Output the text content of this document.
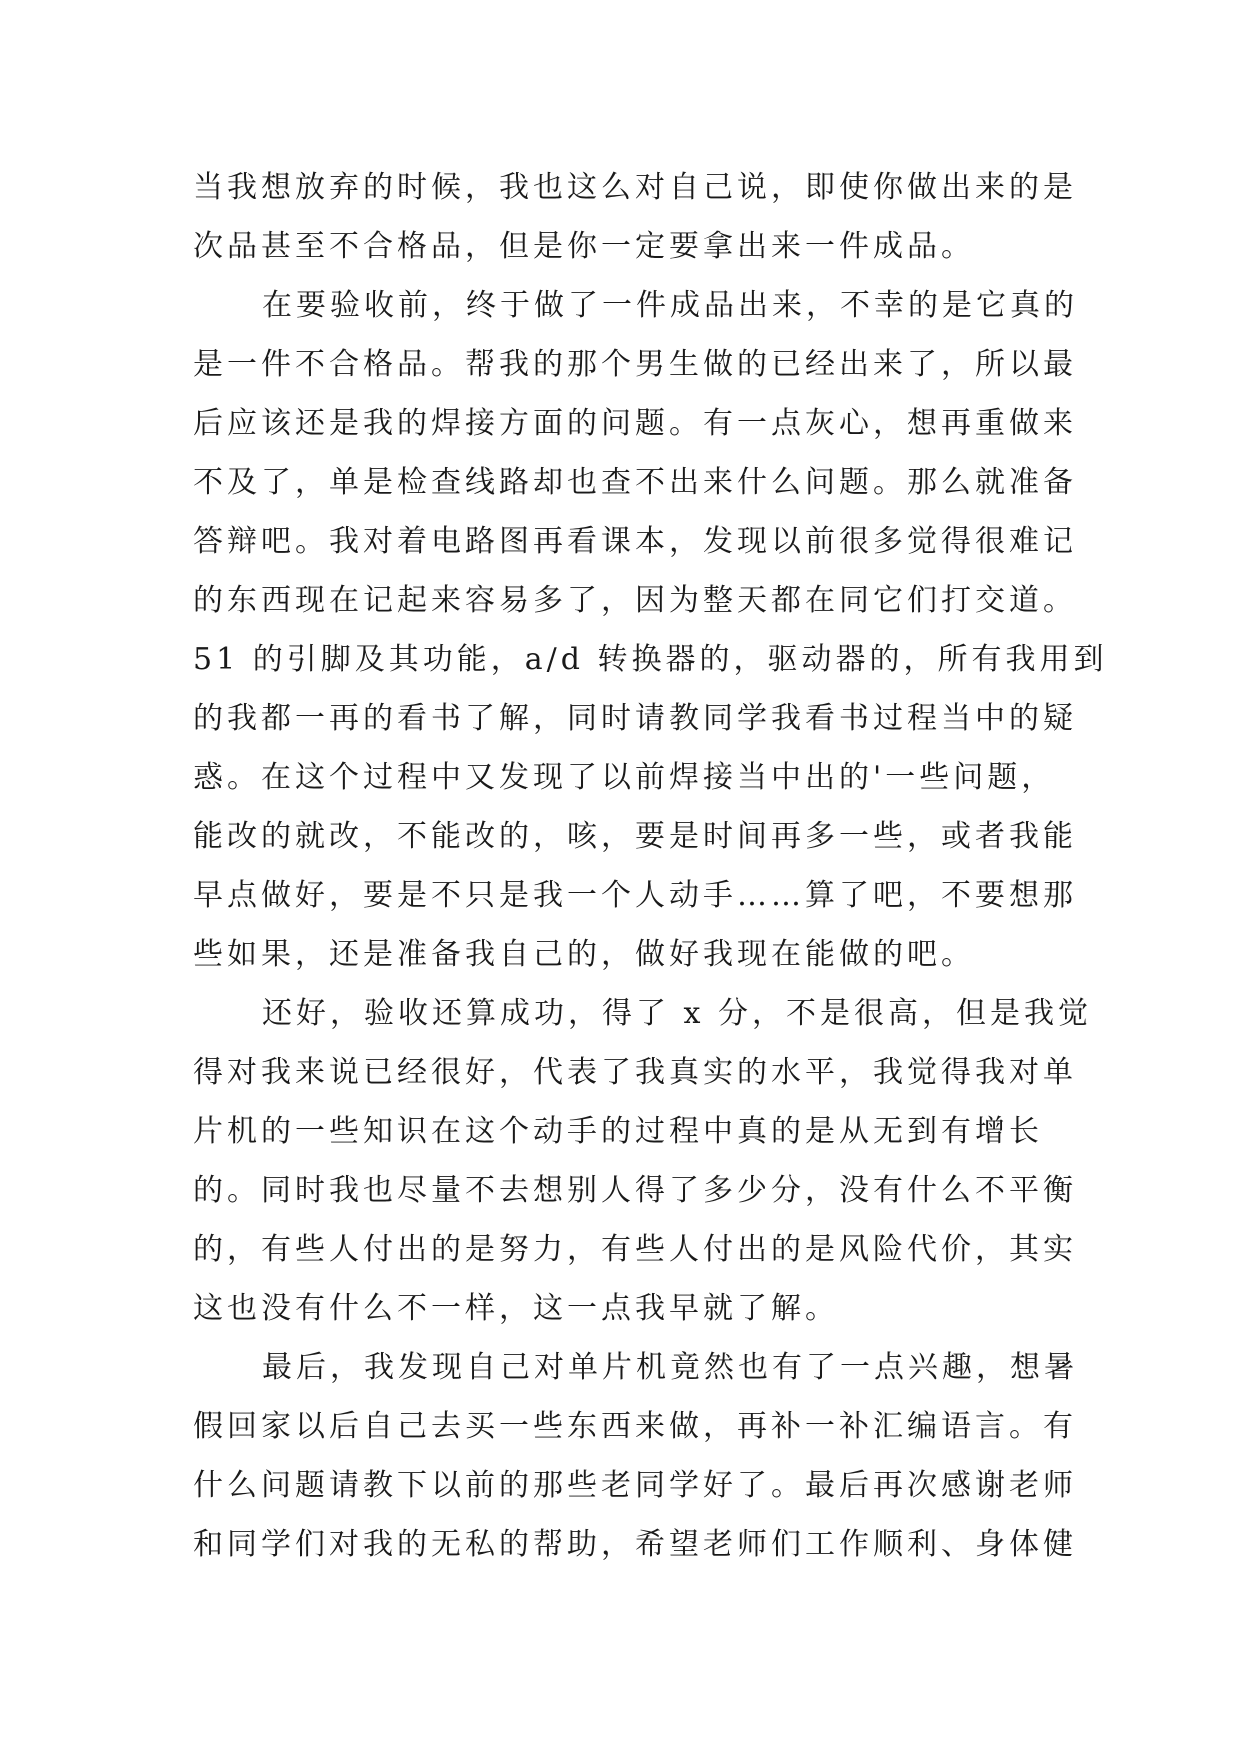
当我想放弃的时候，我也这么对自己说，即使你做出来的是
次品甚至不合格品，但是你一定要拿出来一件成品。
在要验收前，终于做了一件成品出来，不幸的是它真的
是一件不合格品。帮我的那个男生做的已经出来了，所以最
后应该还是我的焊接方面的问题。有一点灰心，想再重做来
不及了，单是检查线路却也查不出来什么问题。那么就准备
答辩吧。我对着电路图再看课本，发现以前很多觉得很难记
的东西现在记起来容易多了，因为整天都在同它们打交道。
51 的引脚及其功能，a/d 转换器的，驱动器的，所有我用到
的我都一再的看书了解，同时请教同学我看书过程当中的疑
惑。在这个过程中又发现了以前焊接当中出的'一些问题，
能改的就改，不能改的，咳，要是时间再多一些，或者我能
早点做好，要是不只是我一个人动手……算了吧，不要想那
些如果，还是准备我自己的，做好我现在能做的吧。
还好，验收还算成功，得了 x 分，不是很高，但是我觉
得对我来说已经很好，代表了我真实的水平，我觉得我对单
片机的一些知识在这个动手的过程中真的是从无到有增长
的。同时我也尽量不去想别人得了多少分，没有什么不平衡
的，有些人付出的是努力，有些人付出的是风险代价，其实
这也没有什么不一样，这一点我早就了解。
最后，我发现自己对单片机竟然也有了一点兴趣，想暑
假回家以后自己去买一些东西来做，再补一补汇编语言。有
什么问题请教下以前的那些老同学好了。最后再次感谢老师
和同学们对我的无私的帮助，希望老师们工作顺利、身体健
